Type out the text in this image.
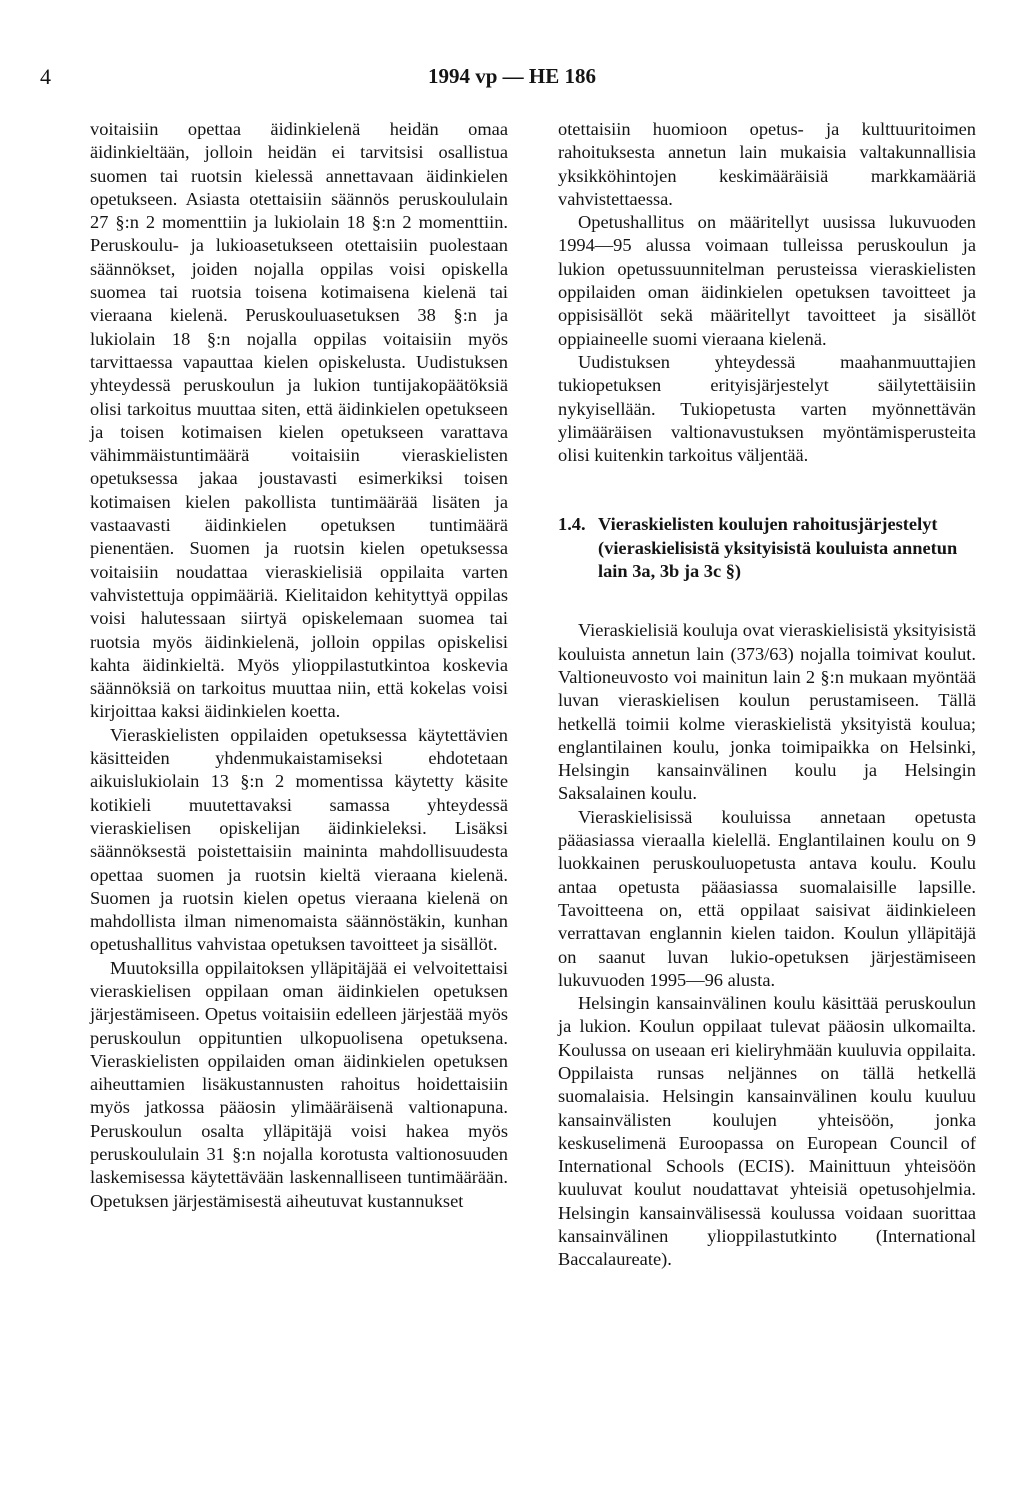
4	1994 vp — HE 186

voitaisiin opettaa äidinkielenä heidän omaa äidinkieltään, jolloin heidän ei tarvitsisi osallistua suomen tai ruotsin kielessä annettavaan äidinkielen opetukseen. Asiasta otettaisiin säännös peruskoululain 27 §:n 2 momenttiin ja lukiolain 18 §:n 2 momenttiin. Peruskoulu- ja lukioasetukseen otettaisiin puolestaan säännökset, joiden nojalla oppilas voisi opiskella suomea tai ruotsia toisena kotimaisena kielenä tai vieraana kielenä. Peruskouluasetuksen 38 §:n ja lukiolain 18 §:n nojalla oppilas voitaisiin myös tarvittaessa vapauttaa kielen opiskelusta. Uudistuksen yhteydessä peruskoulun ja lukion tuntijakopäätöksiä olisi tarkoitus muuttaa siten, että äidinkielen opetukseen ja toisen kotimaisen kielen opetukseen varattava vähimmäistuntimäärä voitaisiin vieraskielisten opetuksessa jakaa joustavasti esimerkiksi toisen kotimaisen kielen pakollista tuntimäärää lisäten ja vastaavasti äidinkielen opetuksen tuntimäärä pienentäen. Suomen ja ruotsin kielen opetuksessa voitaisiin noudattaa vieraskielisiä oppilaita varten vahvistettuja oppimääriä. Kielitaidon kehityttyä oppilas voisi halutessaan siirtyä opiskelemaan suomea tai ruotsia myös äidinkielenä, jolloin oppilas opiskelisi kahta äidinkieltä. Myös ylioppilastutkintoa koskevia säännöksiä on tarkoitus muuttaa niin, että kokelas voisi kirjoittaa kaksi äidinkielen koetta.

Vieraskielisten oppilaiden opetuksessa käytettävien käsitteiden yhdenmukaistamiseksi ehdotetaan aikuislukiolain 13 §:n 2 momentissa käytetty käsite kotikieli muutettavaksi samassa yhteydessä vieraskielisen opiskelijan äidinkieleksi. Lisäksi säännöksestä poistettaisiin maininta mahdollisuudesta opettaa suomen ja ruotsin kieltä vieraana kielenä. Suomen ja ruotsin kielen opetus vieraana kielenä on mahdollista ilman nimenomaista säännöstäkin, kunhan opetushallitus vahvistaa opetuksen tavoitteet ja sisällöt.

Muutoksilla oppilaitoksen ylläpitäjää ei velvoitettaisi vieraskielisen oppilaan oman äidinkielen opetuksen järjestämiseen. Opetus voitaisiin edelleen järjestää myös peruskoulun oppituntien ulkopuolisena opetuksena. Vieraskielisten oppilaiden oman äidinkielen opetuksen aiheuttamien lisäkustannusten rahoitus hoidettaisiin myös jatkossa pääosin ylimääräisenä valtionapuna. Peruskoulun osalta ylläpitäjä voisi hakea myös peruskoululain 31 §:n nojalla korotusta valtionosuuden laskemisessa käytettävään laskennalliseen tuntimäärään. Opetuksen järjestämisestä aiheutuvat kustannukset

otettaisiin huomioon opetus- ja kulttuuritoimen rahoituksesta annetun lain mukaisia valtakunnallisia yksikköhintojen keskimääräisiä markkamääriä vahvistettaessa.

Opetushallitus on määritellyt uusissa lukuvuoden 1994—95 alussa voimaan tulleissa peruskoulun ja lukion opetussuunnitelman perusteissa vieraskielisten oppilaiden oman äidinkielen opetuksen tavoitteet ja oppisisällöt sekä määritellyt tavoitteet ja sisällöt oppiaineelle suomi vieraana kielenä.

Uudistuksen yhteydessä maahanmuuttajien tukiopetuksen erityisjärjestelyt säilytettäisiin nykyisellään. Tukiopetusta varten myönnettävän ylimääräisen valtionavustuksen myöntämisperusteita olisi kuitenkin tarkoitus väljentää.

1.4. Vieraskielisten koulujen rahoitusjärjestelyt (vieraskielisistä yksityisistä kouluista annetun lain 3a, 3b ja 3c §)

Vieraskielisiä kouluja ovat vieraskielisistä yksityisistä kouluista annetun lain (373/63) nojalla toimivat koulut. Valtioneuvosto voi mainitun lain 2 §:n mukaan myöntää luvan vieraskielisen koulun perustamiseen. Tällä hetkellä toimii kolme vieraskielistä yksityistä koulua; englantilainen koulu, jonka toimipaikka on Helsinki, Helsingin kansainvälinen koulu ja Helsingin Saksalainen koulu.

Vieraskielisissä kouluissa annetaan opetusta pääasiassa vieraalla kielellä. Englantilainen koulu on 9 luokkainen peruskouluopetusta antava koulu. Koulu antaa opetusta pääasiassa suomalaisille lapsille. Tavoitteena on, että oppilaat saisivat äidinkieleen verrattavan englannin kielen taidon. Koulun ylläpitäjä on saanut luvan lukio-opetuksen järjestämiseen lukuvuoden 1995—96 alusta.

Helsingin kansainvälinen koulu käsittää peruskoulun ja lukion. Koulun oppilaat tulevat pääosin ulkomailta. Koulussa on useaan eri kieliryhmään kuuluvia oppilaita. Oppilaista runsas neljännes on tällä hetkellä suomalaisia. Helsingin kansainvälinen koulu kuuluu kansainvälisten koulujen yhteisöön, jonka keskuselimenä Euroopassa on European Council of International Schools (ECIS). Mainittuun yhteisöön kuuluvat koulut noudattavat yhteisiä opetusohjelmia. Helsingin kansainvälisessä koulussa voidaan suorittaa kansainvälinen ylioppilastutkinto (International Baccalaureate).
